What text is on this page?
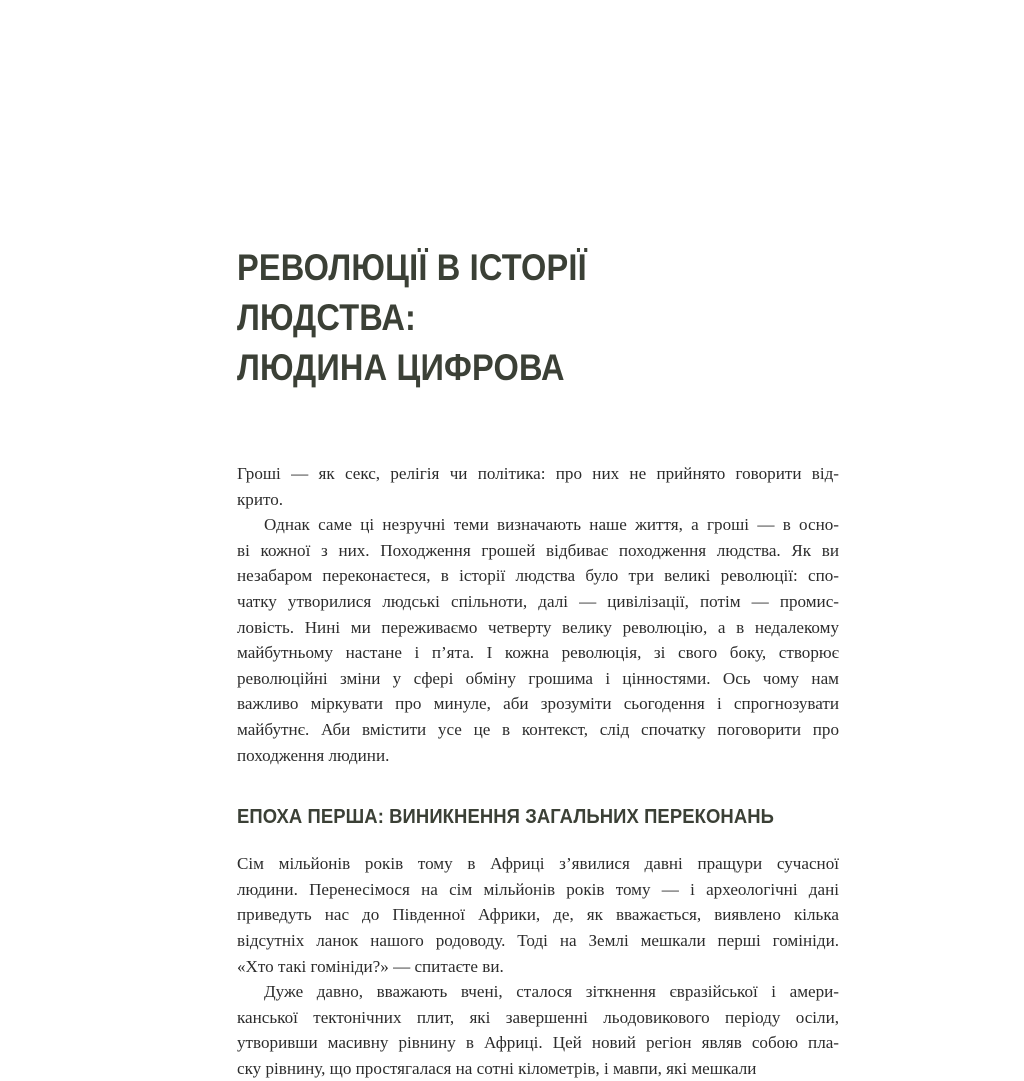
РЕВОЛЮЦІЇ В ІСТОРІЇ ЛЮДСТВА:
ЛЮДИНА ЦИФРОВА

Гроші — як секс, релігія чи політика: про них не прийнято говорити від-
крито.

Однак саме ці незручні теми визначають наше життя, а гроші — в осно-
ві кожної з них. Походження грошей відбиває походження людства. Як ви
незабаром переконаєтеся, в історії людства було три великі революції: спо-
чатку утворилися людські спільноти, далі — цивілізації, потім — промис-
ловість. Нині ми переживаємо четверту велику революцію, а в недалекому
майбутньому настане і п’ята. І кожна революція, зі свого боку, створює
революційні зміни у сфері обміну грошима і цінностями. Ось чому нам
важливо міркувати про минуле, аби зрозуміти сьогодення і спрогнозувати
майбутнє. Аби вмістити усе це в контекст, слід спочатку поговорити про
походження людини.

ЕПОХА ПЕРША: ВИНИКНЕННЯ ЗАГАЛЬНИХ ПЕРЕКОНАНЬ

Сім мільйонів років тому в Африці з’явилися давні пращури сучасної
людини. Перенесімося на сім мільйонів років тому — і археологічні дані
приведуть нас до Південної Африки, де, як вважається, виявлено кілька
відсутніх ланок нашого родоводу. Тоді на Землі мешкали перші гомініди.
«Хто такі гомініди?» — спитаєте ви.

Дуже давно, вважають вчені, сталося зіткнення євразійської і амери-
канської тектонічних плит, які завершенні льодовикового періоду осіли,
утворивши масивну рівнину в Африці. Цей новий регіон являв собою пла-
ску рівнину, що простягалася на сотні кілометрів, і мавпи, які мешкали
